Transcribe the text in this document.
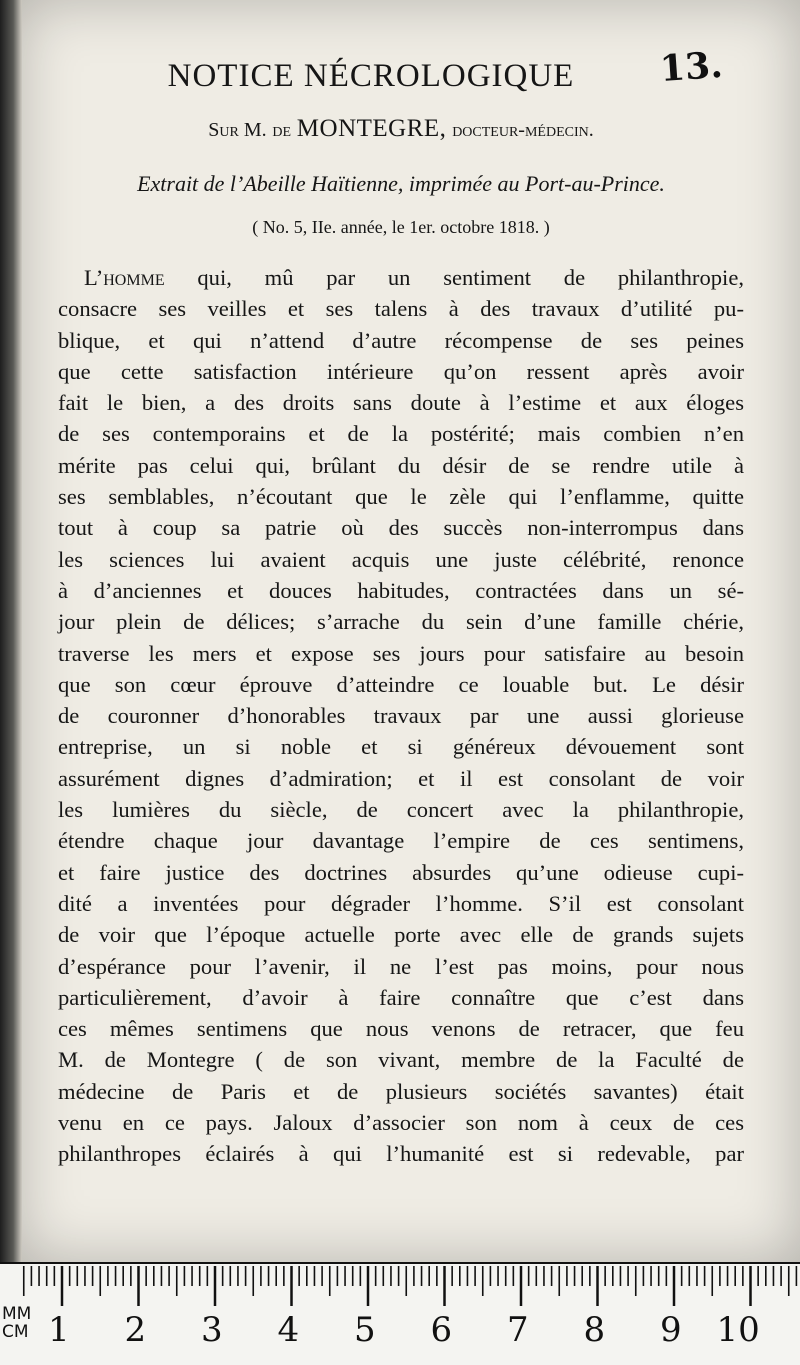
13.
NOTICE NÉCROLOGIQUE
Sur M. de MONTEGRE, docteur-médecin.
Extrait de l’Abeille Haïtienne, imprimée au Port-au-Prince.
( No. 5, IIe. année, le 1er. octobre 1818. )
L’homme qui, mû par un sentiment de philanthropie,
consacre ses veilles et ses talens à des travaux d’utilité pu-
blique, et qui n’attend d’autre récompense de ses peines
que cette satisfaction intérieure qu’on ressent après avoir
fait le bien, a des droits sans doute à l’estime et aux éloges
de ses contemporains et de la postérité; mais combien n’en
mérite pas celui qui, brûlant du désir de se rendre utile à
ses semblables, n’écoutant que le zèle qui l’enflamme, quitte
tout à coup sa patrie où des succès non-interrompus dans
les sciences lui avaient acquis une juste célébrité, renonce
à d’anciennes et douces habitudes, contractées dans un sé-
jour plein de délices; s’arrache du sein d’une famille chérie,
traverse les mers et expose ses jours pour satisfaire au besoin
que son cœur éprouve d’atteindre ce louable but. Le désir
de couronner d’honorables travaux par une aussi glorieuse
entreprise, un si noble et si généreux dévouement sont
assurément dignes d’admiration; et il est consolant de voir
les lumières du siècle, de concert avec la philanthropie,
étendre chaque jour davantage l’empire de ces sentimens,
et faire justice des doctrines absurdes qu’une odieuse cupi-
dité a inventées pour dégrader l’homme. S’il est consolant
de voir que l’époque actuelle porte avec elle de grands sujets
d’espérance pour l’avenir, il ne l’est pas moins, pour nous
particulièrement, d’avoir à faire connaître que c’est dans
ces mêmes sentimens que nous venons de retracer, que feu
M. de Montegre ( de son vivant, membre de la Faculté de
médecine de Paris et de plusieurs sociétés savantes) était
venu en ce pays. Jaloux d’associer son nom à ceux de ces
philanthropes éclairés à qui l’humanité est si redevable, par
MM
CM 1 2 3 4 5 6 7 8 9 10
